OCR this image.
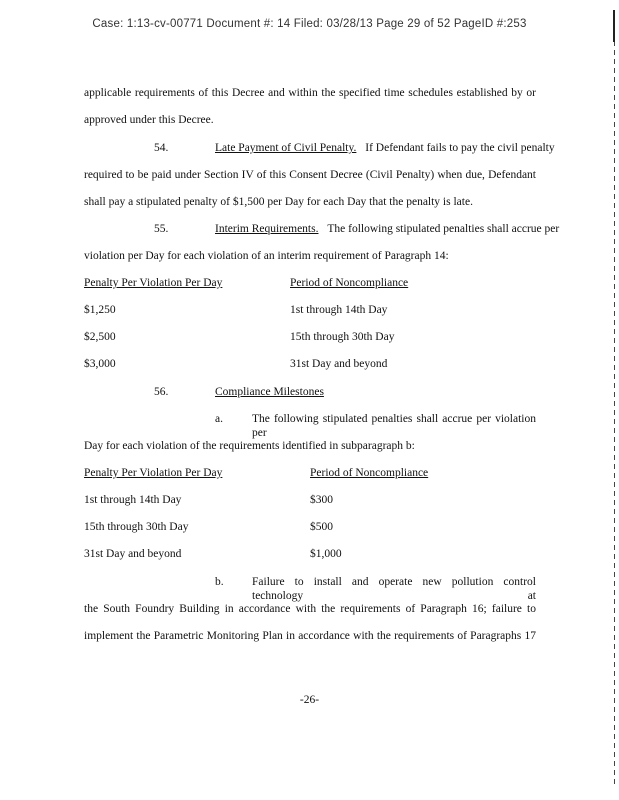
Case: 1:13-cv-00771 Document #: 14 Filed: 03/28/13 Page 29 of 52 PageID #:253
applicable requirements of this Decree and within the specified time schedules established by or
approved under this Decree.
54.	Late Payment of Civil Penalty. If Defendant fails to pay the civil penalty
required to be paid under Section IV of this Consent Decree (Civil Penalty) when due, Defendant
shall pay a stipulated penalty of $1,500 per Day for each Day that the penalty is late.
55.	Interim Requirements. The following stipulated penalties shall accrue per
violation per Day for each violation of an interim requirement of Paragraph 14:
Penalty Per Violation Per Day	Period of Noncompliance
$1,250	1st through 14th Day
$2,500	15th through 30th Day
$3,000	31st Day and beyond
56.	Compliance Milestones
a.	The following stipulated penalties shall accrue per violation per
Day for each violation of the requirements identified in subparagraph b:
Penalty Per Violation Per Day	Period of Noncompliance
1st through 14th Day	$300
15th through 30th Day	$500
31st Day and beyond	$1,000
b. Failure to install and operate new pollution control technology at
the South Foundry Building in accordance with the requirements of Paragraph 16; failure to
implement the Parametric Monitoring Plan in accordance with the requirements of Paragraphs 17
-26-
